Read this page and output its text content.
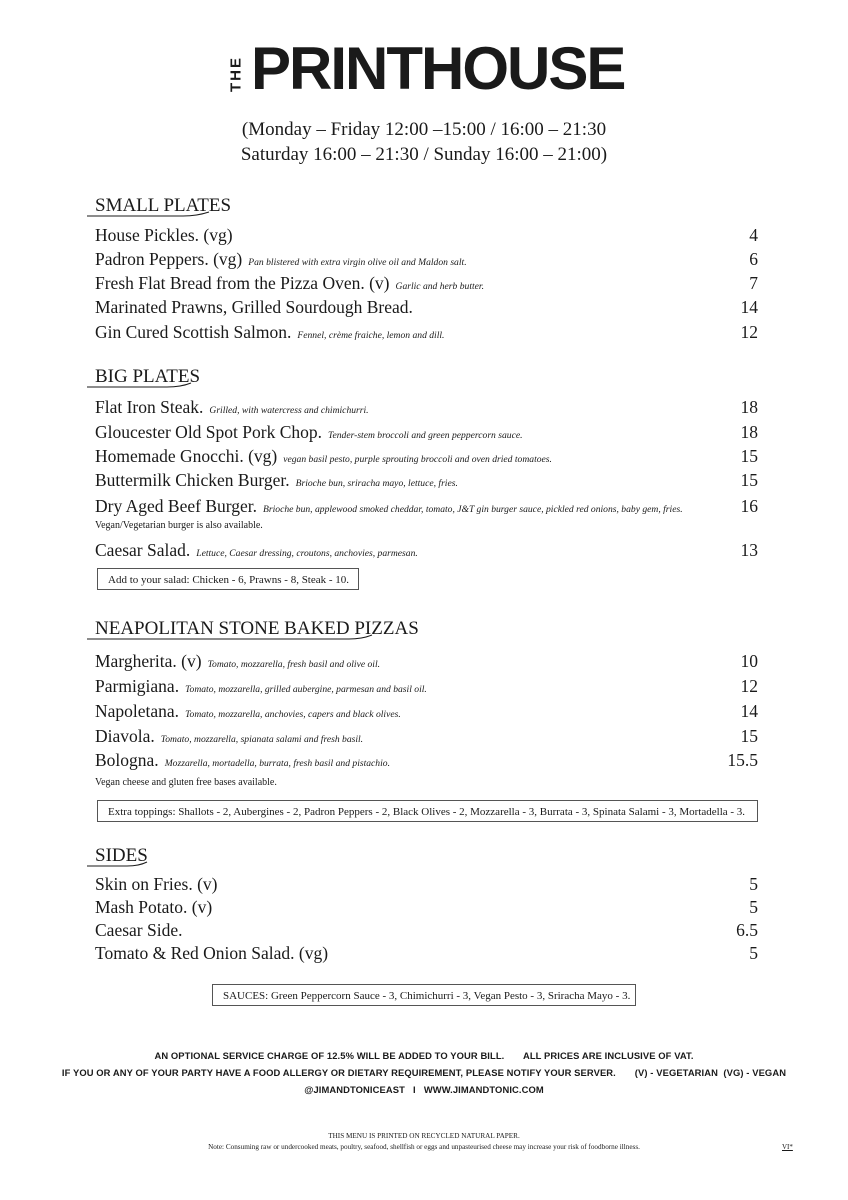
THE PRINTHOUSE
(Monday – Friday 12:00 –15:00 / 16:00 – 21:30
Saturday 16:00 – 21:30 / Sunday 16:00 – 21:00)
SMALL PLATES
House Pickles. (vg)	4
Padron Peppers. (vg) Pan blistered with extra virgin olive oil and Maldon salt.	6
Fresh Flat Bread from the Pizza Oven. (v) Garlic and herb butter.	7
Marinated Prawns, Grilled Sourdough Bread.	14
Gin Cured Scottish Salmon. Fennel, crème fraiche, lemon and dill.	12
BIG PLATES
Flat Iron Steak. Grilled, with watercress and chimichurri.	18
Gloucester Old Spot Pork Chop. Tender-stem broccoli and green peppercorn sauce.	18
Homemade Gnocchi. (vg) vegan basil pesto, purple sprouting broccoli and oven dried tomatoes.	15
Buttermilk Chicken Burger. Brioche bun, sriracha mayo, lettuce, fries.	15
Dry Aged Beef Burger. Brioche bun, applewood smoked cheddar, tomato, J&T gin burger sauce, pickled red onions, baby gem, fries.	16
Vegan/Vegetarian burger is also available.
Caesar Salad. Lettuce, Caesar dressing, croutons, anchovies, parmesan.	13
Add to your salad: Chicken - 6, Prawns - 8, Steak - 10.
NEAPOLITAN STONE BAKED PIZZAS
Margherita. (v) Tomato, mozzarella, fresh basil and olive oil.	10
Parmigiana. Tomato, mozzarella, grilled aubergine, parmesan and basil oil.	12
Napoletana. Tomato, mozzarella, anchovies, capers and black olives.	14
Diavola. Tomato, mozzarella, spianata salami and fresh basil.	15
Bologna. Mozzarella, mortadella, burrata, fresh basil and pistachio.	15.5
Vegan cheese and gluten free bases available.
Extra toppings: Shallots - 2, Aubergines - 2, Padron Peppers - 2, Black Olives - 2, Mozzarella - 3, Burrata - 3, Spinata Salami - 3, Mortadella - 3.
SIDES
Skin on Fries. (v)	5
Mash Potato. (v)	5
Caesar Side.	6.5
Tomato & Red Onion Salad. (vg)	5
SAUCES: Green Peppercorn Sauce - 3, Chimichurri - 3, Vegan Pesto - 3, Sriracha Mayo - 3.
AN OPTIONAL SERVICE CHARGE OF 12.5% WILL BE ADDED TO YOUR BILL.       ALL PRICES ARE INCLUSIVE OF VAT.
IF YOU OR ANY OF YOUR PARTY HAVE A FOOD ALLERGY OR DIETARY REQUIREMENT, PLEASE NOTIFY YOUR SERVER.       (V) - VEGETARIAN  (VG) - VEGAN
@JIMANDTONICEAST   I   WWW.JIMANDTONIC.COM
THIS MENU IS PRINTED ON RECYCLED NATURAL PAPER.
Note: Consuming raw or undercooked meats, poultry, seafood, shellfish or eggs and unpasteurised cheese may increase your risk of foodborne illness.	VI*
